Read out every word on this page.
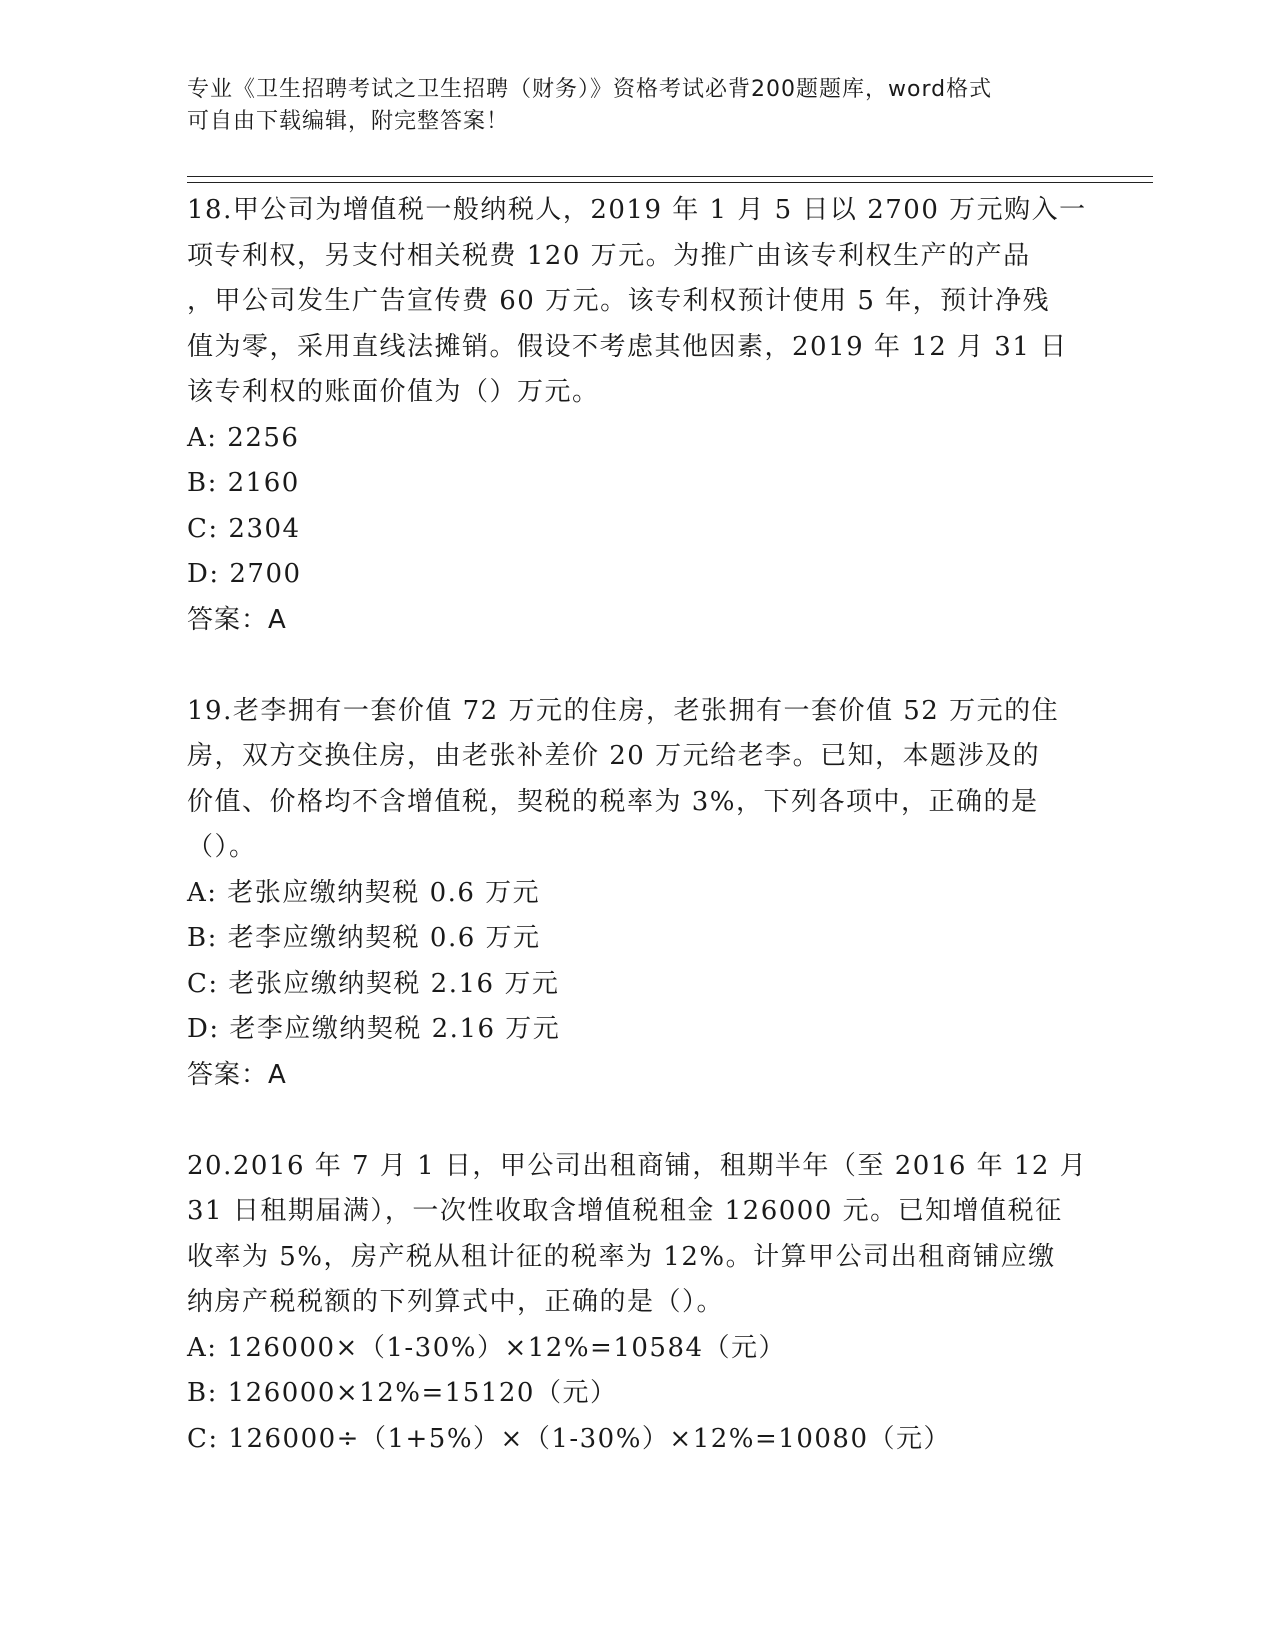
专业《卫生招聘考试之卫生招聘（财务）》资格考试必背200题题库，word格式
可自由下载编辑，附完整答案！
18.甲公司为增值税一般纳税人，2019 年 1 月 5 日以 2700 万元购入一
项专利权，另支付相关税费 120 万元。为推广由该专利权生产的产品
，甲公司发生广告宣传费 60 万元。该专利权预计使用 5 年，预计净残
值为零，采用直线法摊销。假设不考虑其他因素，2019 年 12 月 31 日
该专利权的账面价值为（）万元。
A: 2256
B: 2160
C: 2304
D: 2700
答案：A
19.老李拥有一套价值 72 万元的住房，老张拥有一套价值 52 万元的住
房，双方交换住房，由老张补差价 20 万元给老李。已知，本题涉及的
价值、价格均不含增值税，契税的税率为 3%，下列各项中，正确的是
（）。
A: 老张应缴纳契税 0.6 万元
B: 老李应缴纳契税 0.6 万元
C: 老张应缴纳契税 2.16 万元
D: 老李应缴纳契税 2.16 万元
答案：A
20.2016 年 7 月 1 日，甲公司出租商铺，租期半年（至 2016 年 12 月
31 日租期届满），一次性收取含增值税租金 126000 元。已知增值税征
收率为 5%，房产税从租计征的税率为 12%。计算甲公司出租商铺应缴
纳房产税税额的下列算式中，正确的是（）。
A: 126000×（1-30%）×12%=10584（元）
B: 126000×12%=15120（元）
C: 126000÷（1+5%）×（1-30%）×12%=10080（元）
